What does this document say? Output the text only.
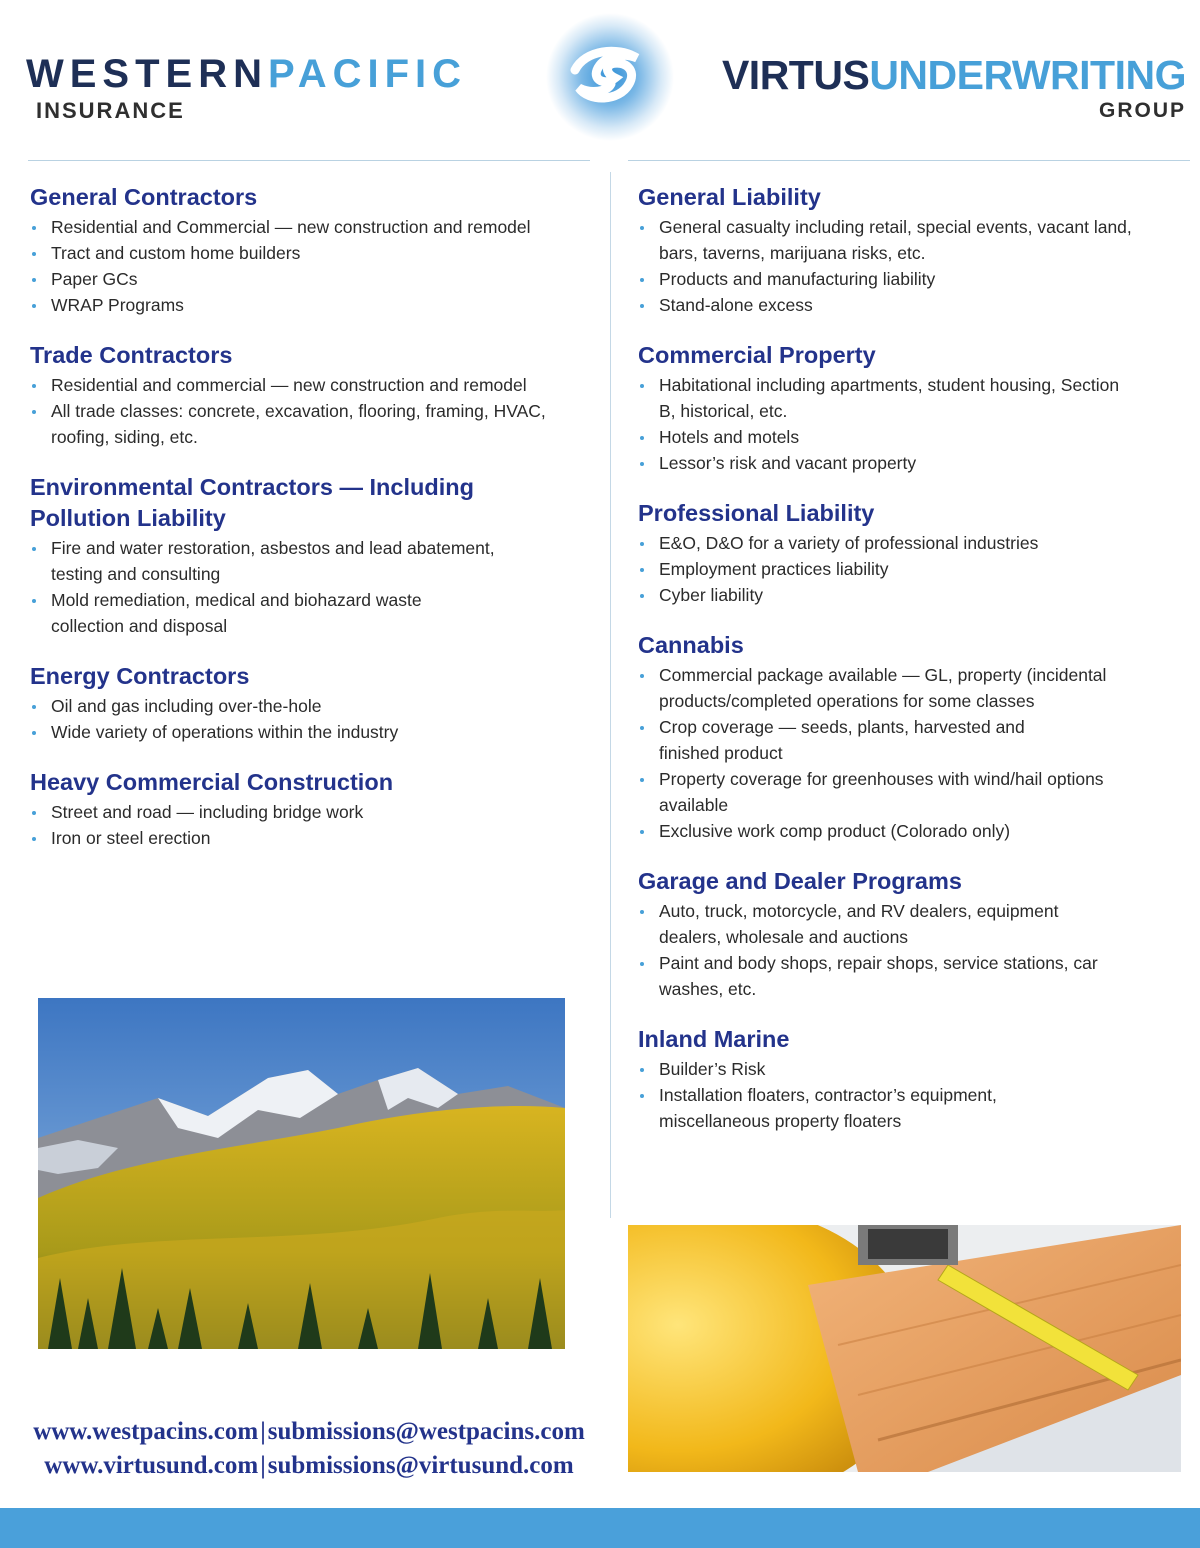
WESTERNPACIFIC
INSURANCE
VIRTUSUNDERWRITING
GROUP
General Contractors
Residential and Commercial — new construction and remodel
Tract and custom home builders
Paper GCs
WRAP Programs
Trade Contractors
Residential and commercial — new construction and remodel
All trade classes: concrete, excavation, flooring, framing, HVAC, roofing, siding, etc.
Environmental Contractors — Including Pollution Liability
Fire and water restoration, asbestos and lead abatement, testing and consulting
Mold remediation, medical and biohazard waste collection and disposal
Energy Contractors
Oil and gas including over-the-hole
Wide variety of operations within the industry
Heavy Commercial Construction
Street and road — including bridge work
Iron or steel erection
General Liability
General casualty including retail, special events, vacant land, bars, taverns, marijuana risks, etc.
Products and manufacturing liability
Stand-alone excess
Commercial Property
Habitational including apartments, student housing, Section B, historical, etc.
Hotels and motels
Lessor’s risk and vacant property
Professional Liability
E&O, D&O for a variety of professional industries
Employment practices liability
Cyber liability
Cannabis
Commercial package available — GL, property (incidental products/completed operations for some classes
Crop coverage — seeds, plants, harvested and finished product
Property coverage for greenhouses with wind/hail options available
Exclusive work comp product (Colorado only)
Garage and Dealer Programs
Auto, truck, motorcycle, and RV dealers, equipment dealers, wholesale and auctions
Paint and body shops, repair shops, service stations, car washes, etc.
Inland Marine
Builder’s Risk
Installation floaters, contractor’s equipment, miscellaneous property floaters
www.westpacins.com|submissions@westpacins.com
www.virtusund.com|submissions@virtusund.com
